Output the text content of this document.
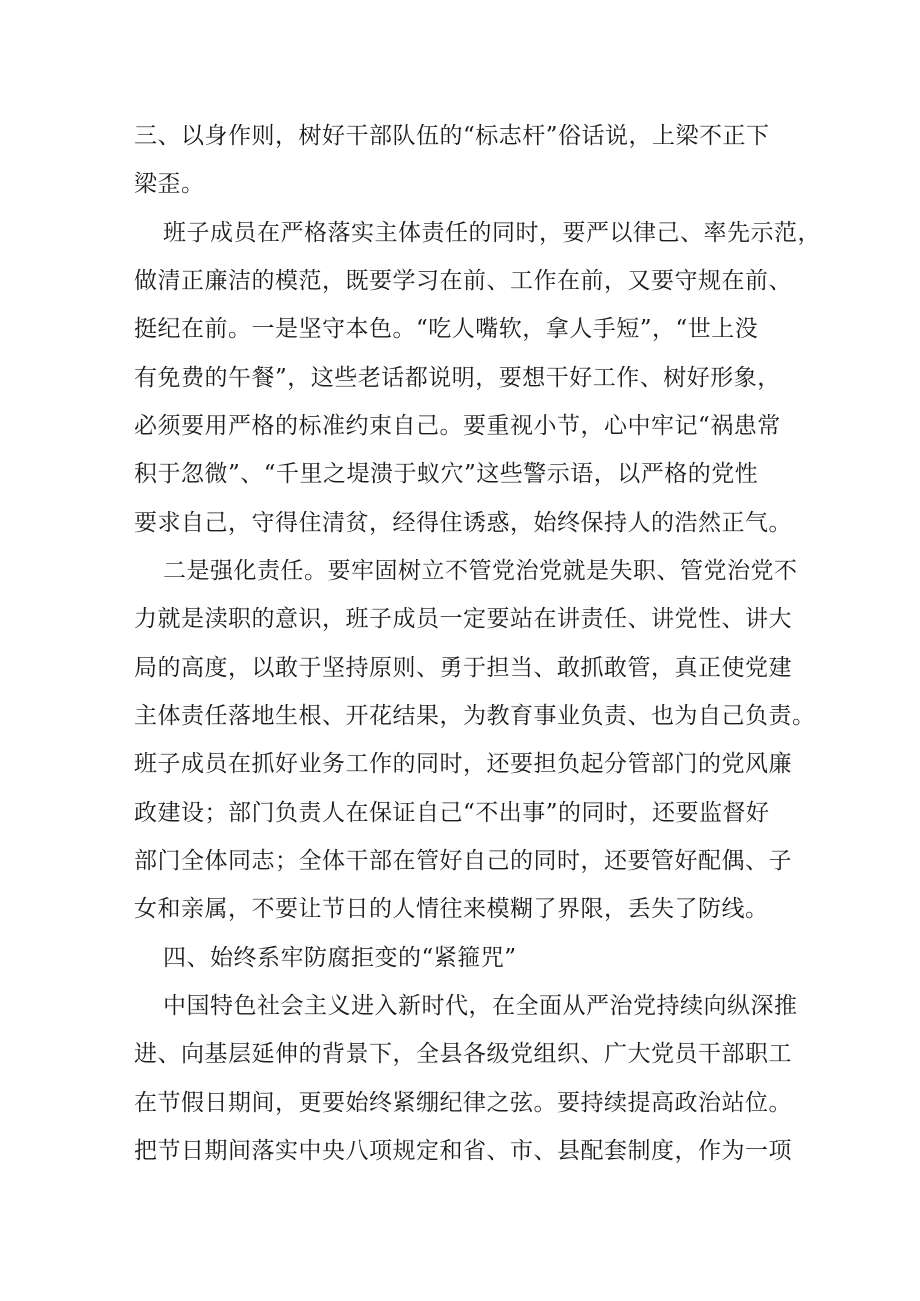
三、以身作则，树好干部队伍的“标志杆”俗话说，上梁不正下
梁歪。
班子成员在严格落实主体责任的同时，要严以律己、率先示范，
做清正廉洁的模范，既要学习在前、工作在前，又要守规在前、
挺纪在前。一是坚守本色。“吃人嘴软，拿人手短”，“世上没
有免费的午餐”，这些老话都说明，要想干好工作、树好形象，
必须要用严格的标准约束自己。要重视小节，心中牢记“祸患常
积于忽微”、“千里之堤溃于蚁穴”这些警示语，以严格的党性
要求自己，守得住清贫，经得住诱惑，始终保持人的浩然正气。
二是强化责任。要牢固树立不管党治党就是失职、管党治党不
力就是渎职的意识，班子成员一定要站在讲责任、讲党性、讲大
局的高度，以敢于坚持原则、勇于担当、敢抓敢管，真正使党建
主体责任落地生根、开花结果，为教育事业负责、也为自己负责。
班子成员在抓好业务工作的同时，还要担负起分管部门的党风廉
政建设；部门负责人在保证自己“不出事”的同时，还要监督好
部门全体同志；全体干部在管好自己的同时，还要管好配偶、子
女和亲属，不要让节日的人情往来模糊了界限，丢失了防线。
四、始终系牢防腐拒变的“紧箍咒”
中国特色社会主义进入新时代，在全面从严治党持续向纵深推
进、向基层延伸的背景下，全县各级党组织、广大党员干部职工
在节假日期间，更要始终紧绷纪律之弦。要持续提高政治站位。
把节日期间落实中央八项规定和省、市、县配套制度，作为一项
